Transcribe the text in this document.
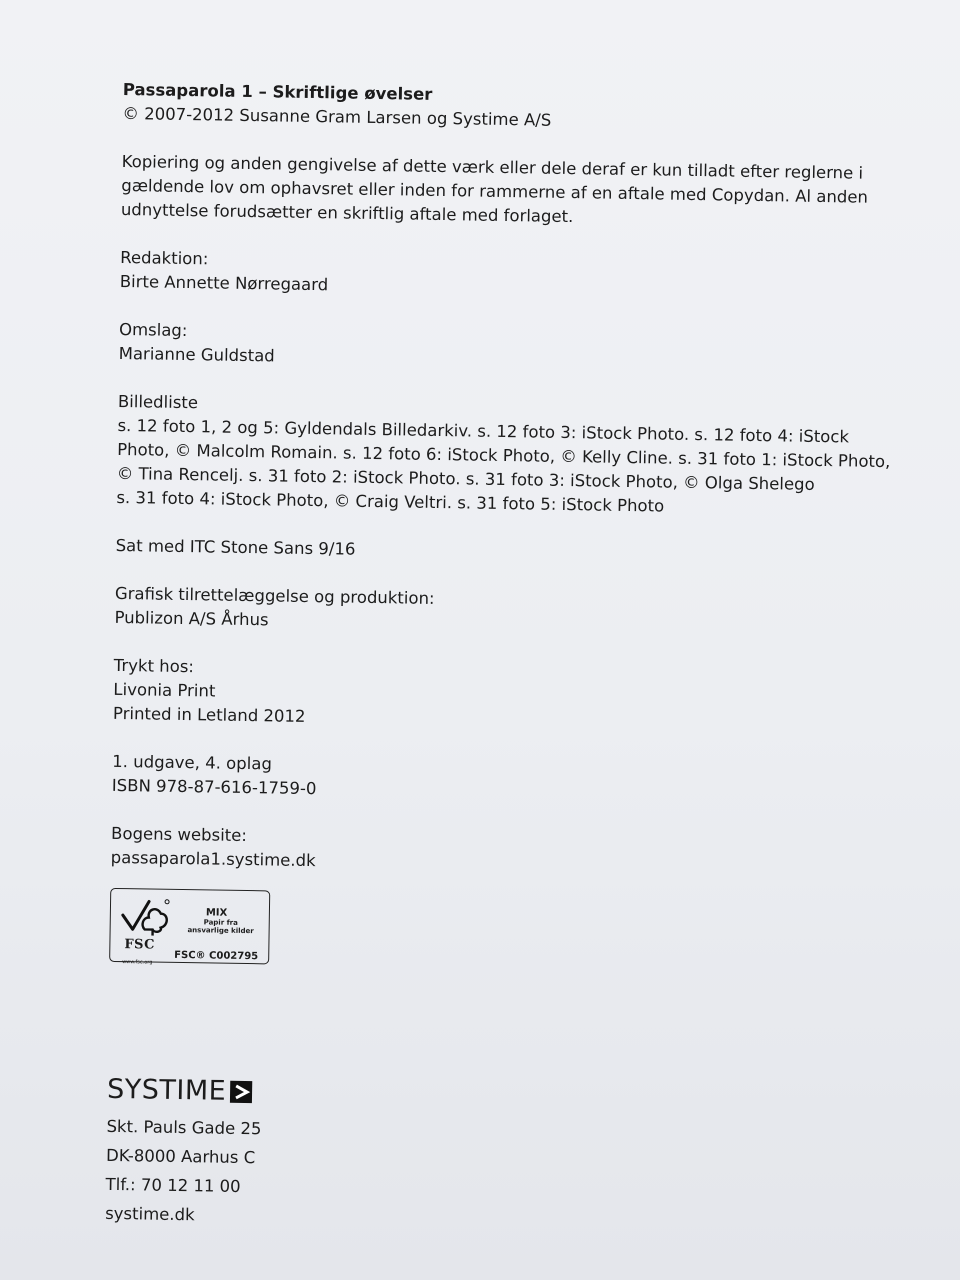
Passaparola 1 – Skriftlige øvelser
© 2007-2012 Susanne Gram Larsen og Systime A/S
Kopiering og anden gengivelse af dette værk eller dele deraf er kun tilladt efter reglerne i
gældende lov om ophavsret eller inden for rammerne af en aftale med Copydan. Al anden
udnyttelse forudsætter en skriftlig aftale med forlaget.
Redaktion:
Birte Annette Nørregaard
Omslag:
Marianne Guldstad
Billedliste
s. 12 foto 1, 2 og 5: Gyldendals Billedarkiv. s. 12 foto 3: iStock Photo. s. 12 foto 4: iStock
Photo, © Malcolm Romain. s. 12 foto 6: iStock Photo, © Kelly Cline. s. 31 foto 1: iStock Photo,
© Tina Rencelj. s. 31 foto 2: iStock Photo. s. 31 foto 3: iStock Photo, © Olga Shelego
s. 31 foto 4: iStock Photo, © Craig Veltri. s. 31 foto 5: iStock Photo
Sat med ITC Stone Sans 9/16
Grafisk tilrettelæggelse og produktion:
Publizon A/S Århus
Trykt hos:
Livonia Print
Printed in Letland 2012
1. udgave, 4. oplag
ISBN 978-87-616-1759-0
Bogens website:
passaparola1.systime.dk
FSC
www.fsc.org
MIX
Papir fra
ansvarlige kilder
FSC® C002795
SYSTIME
Skt. Pauls Gade 25
DK-8000 Aarhus C
Tlf.: 70 12 11 00
systime.dk
